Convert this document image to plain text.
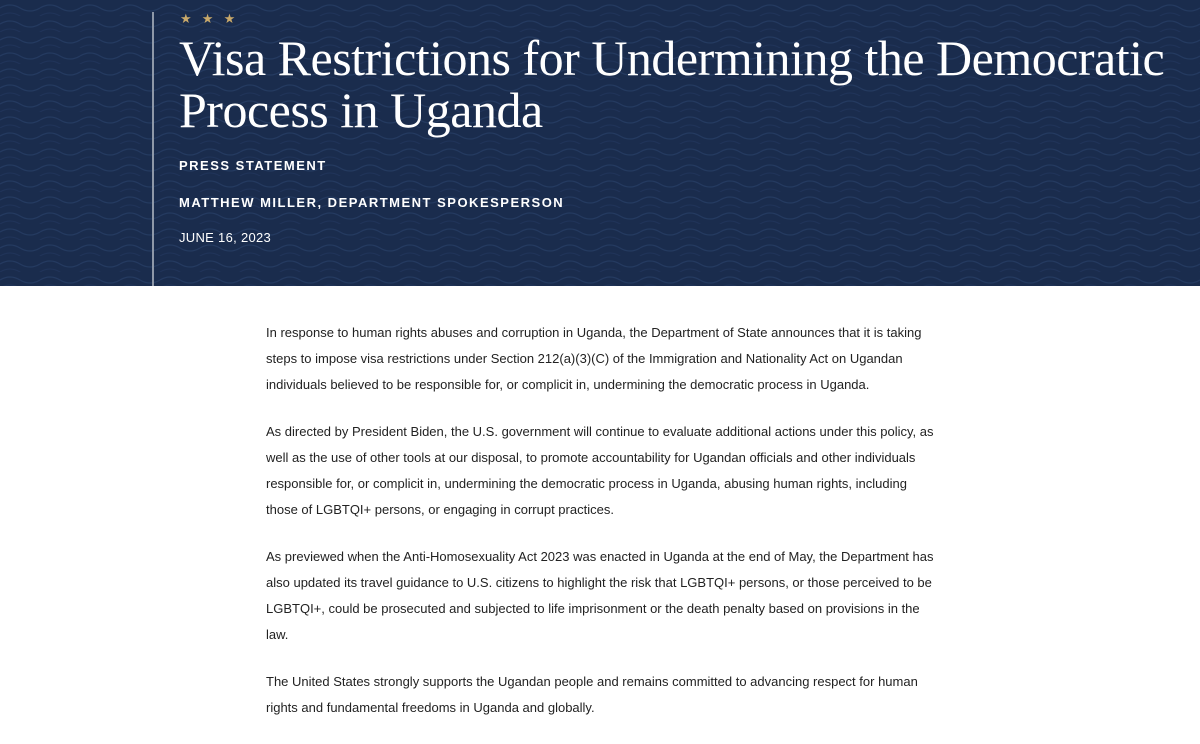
★ ★ ★
Visa Restrictions for Undermining the Democratic Process in Uganda
PRESS STATEMENT
MATTHEW MILLER, DEPARTMENT SPOKESPERSON
JUNE 16, 2023

In response to human rights abuses and corruption in Uganda, the Department of State announces that it is taking steps to impose visa restrictions under Section 212(a)(3)(C) of the Immigration and Nationality Act on Ugandan individuals believed to be responsible for, or complicit in, undermining the democratic process in Uganda.

As directed by President Biden, the U.S. government will continue to evaluate additional actions under this policy, as well as the use of other tools at our disposal, to promote accountability for Ugandan officials and other individuals responsible for, or complicit in, undermining the democratic process in Uganda, abusing human rights, including those of LGBTQI+ persons, or engaging in corrupt practices.

As previewed when the Anti-Homosexuality Act 2023 was enacted in Uganda at the end of May, the Department has also updated its travel guidance to U.S. citizens to highlight the risk that LGBTQI+ persons, or those perceived to be LGBTQI+, could be prosecuted and subjected to life imprisonment or the death penalty based on provisions in the law.

The United States strongly supports the Ugandan people and remains committed to advancing respect for human rights and fundamental freedoms in Uganda and globally.
